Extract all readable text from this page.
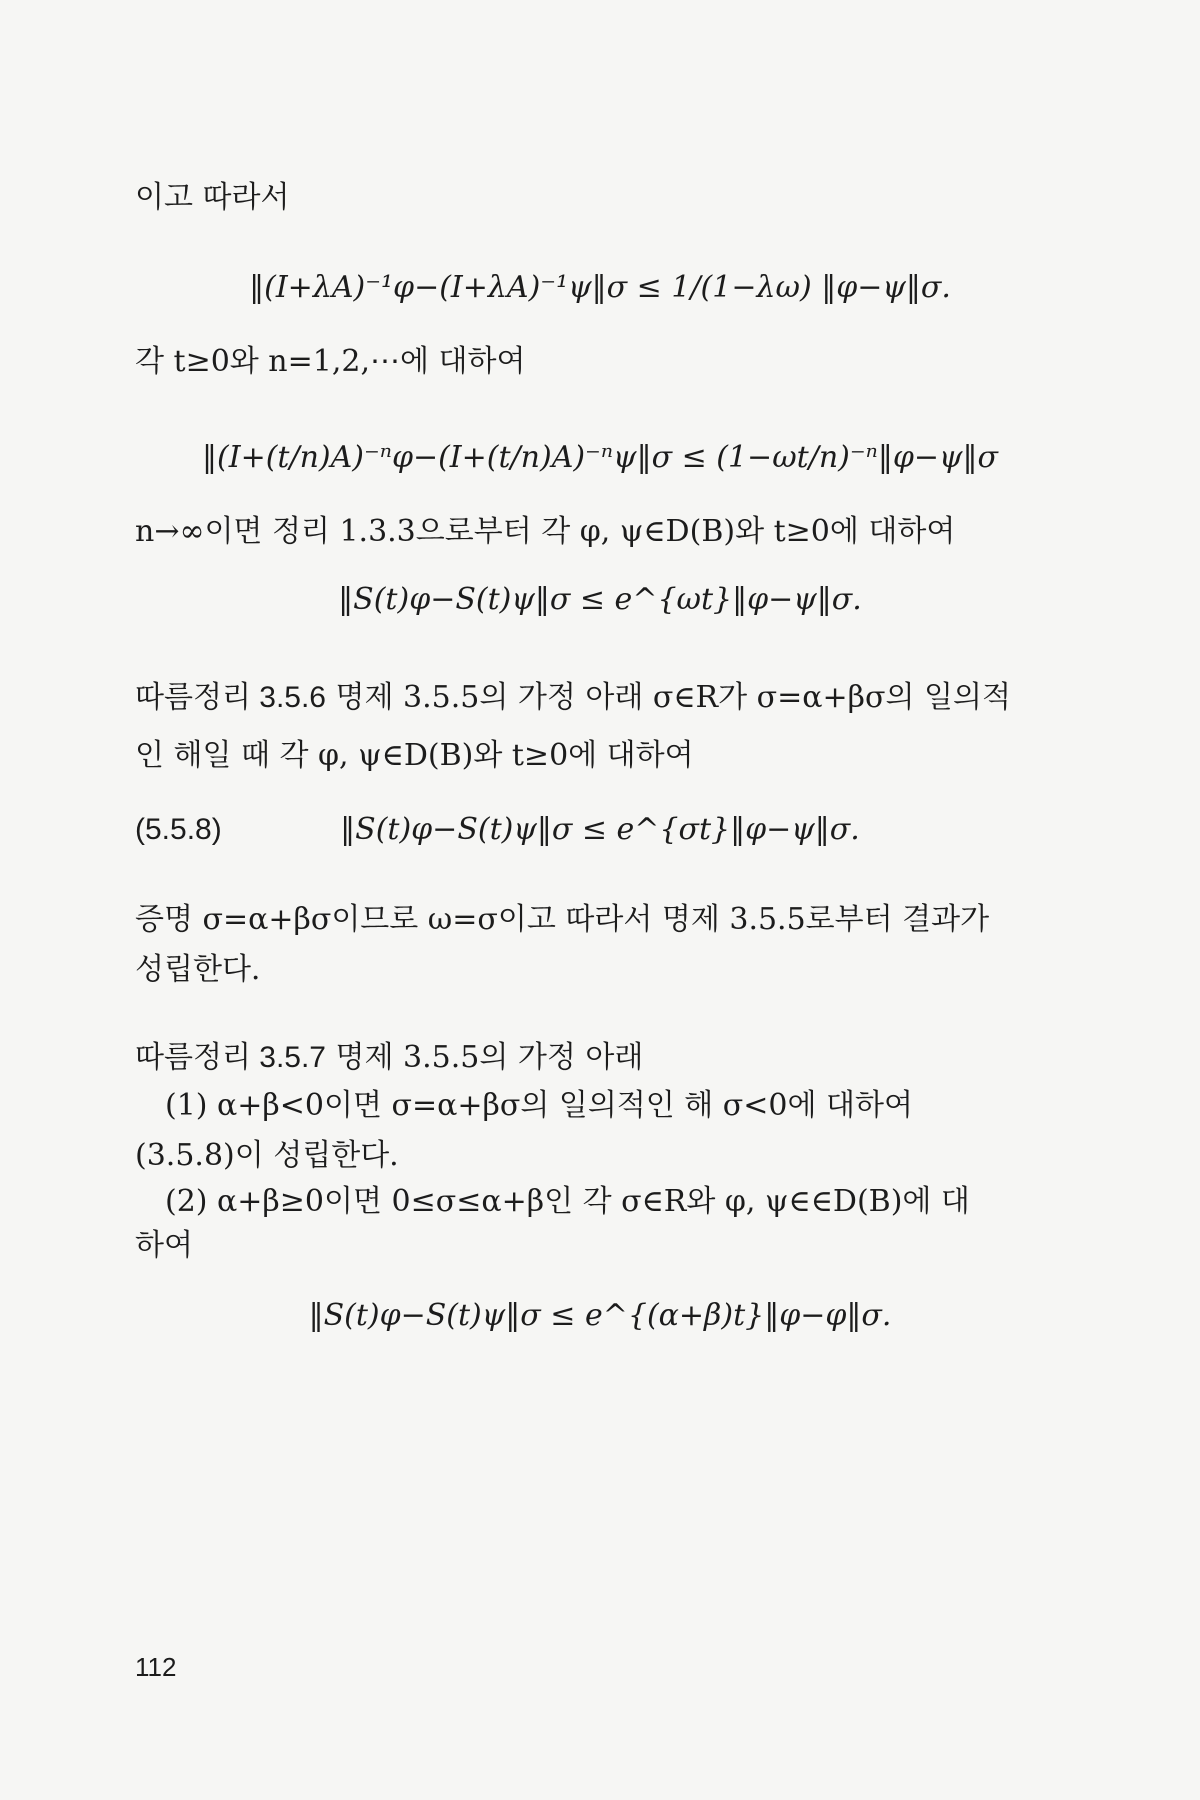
이고 따라서
‖(I+λA)⁻¹φ−(I+λA)⁻¹ψ‖σ ≤ 1/(1−λω) ‖φ−ψ‖σ.
각 t≥0와 n=1,2,⋯에 대하여
‖(I+(t/n)A)⁻ⁿφ−(I+(t/n)A)⁻ⁿψ‖σ ≤ (1−ωt/n)⁻ⁿ‖φ−ψ‖σ
n→∞이면 정리 1.3.3으로부터 각 φ, ψ∈D(B)와 t≥0에 대하여
‖S(t)φ−S(t)ψ‖σ ≤ e^{ωt}‖φ−ψ‖σ.
따름정리 3.5.6 명제 3.5.5의 가정 아래 σ∈R가 σ=α+βσ의 일의적
인 해일 때 각 φ, ψ∈D(B)와 t≥0에 대하여
(5.5.8)	‖S(t)φ−S(t)ψ‖σ ≤ e^{σt}‖φ−ψ‖σ.
증명 σ=α+βσ이므로 ω=σ이고 따라서 명제 3.5.5로부터 결과가
성립한다.
따름정리 3.5.7 명제 3.5.5의 가정 아래
(1) α+β<0이면 σ=α+βσ의 일의적인 해 σ<0에 대하여
(3.5.8)이 성립한다.
(2) α+β≥0이면 0≤σ≤α+β인 각 σ∈R와 φ, ψ∈∈D(B)에 대
하여
‖S(t)φ−S(t)ψ‖σ ≤ e^{(α+β)t}‖φ−φ‖σ.
112
